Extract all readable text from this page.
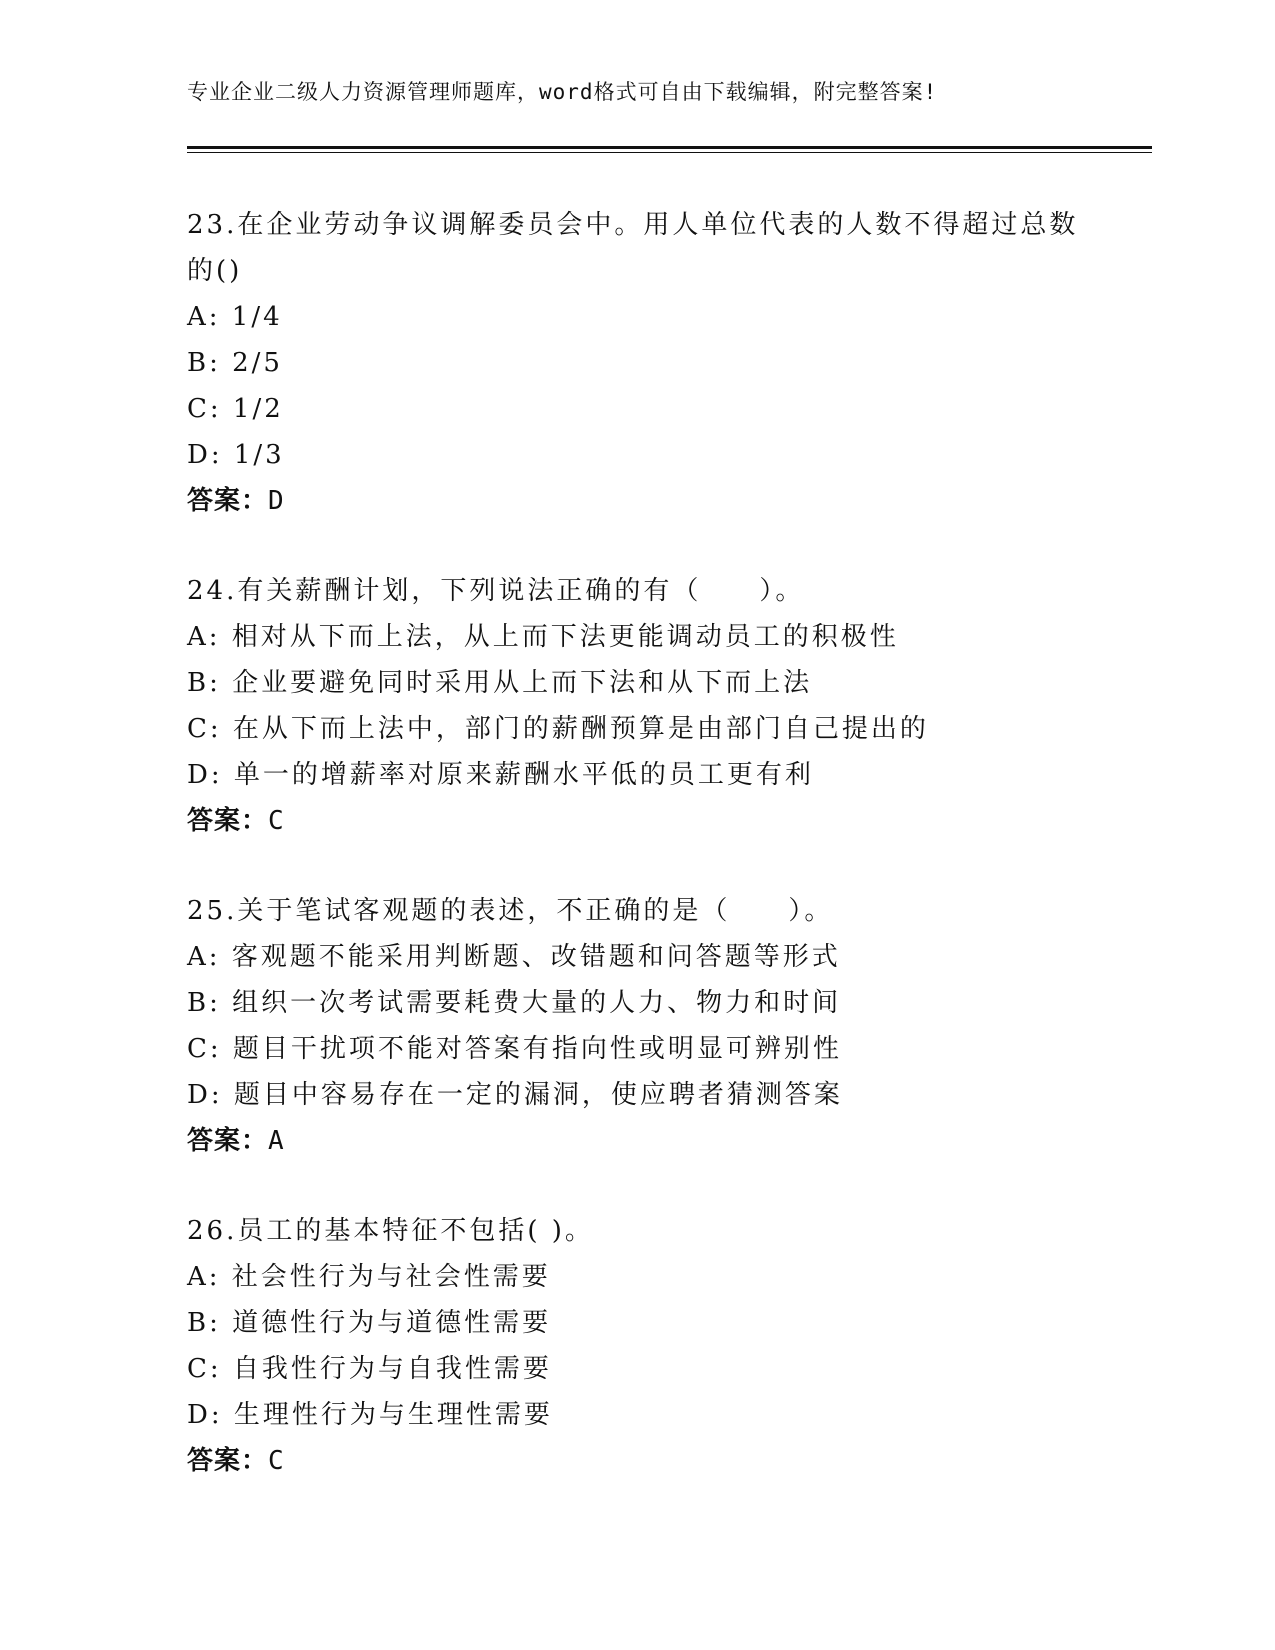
专业企业二级人力资源管理师题库，word格式可自由下载编辑，附完整答案!
23.在企业劳动争议调解委员会中。用人单位代表的人数不得超过总数
的()
A: 1/4
B: 2/5
C: 1/2
D: 1/3
答案：D
24.有关薪酬计划，下列说法正确的有（　　）。
A: 相对从下而上法，从上而下法更能调动员工的积极性
B: 企业要避免同时采用从上而下法和从下而上法
C: 在从下而上法中，部门的薪酬预算是由部门自己提出的
D: 单一的增薪率对原来薪酬水平低的员工更有利
答案：C
25.关于笔试客观题的表述，不正确的是（　　）。
A: 客观题不能采用判断题、改错题和问答题等形式
B: 组织一次考试需要耗费大量的人力、物力和时间
C: 题目干扰项不能对答案有指向性或明显可辨别性
D: 题目中容易存在一定的漏洞，使应聘者猜测答案
答案：A
26.员工的基本特征不包括( )。
A: 社会性行为与社会性需要
B: 道德性行为与道德性需要
C: 自我性行为与自我性需要
D: 生理性行为与生理性需要
答案：C
